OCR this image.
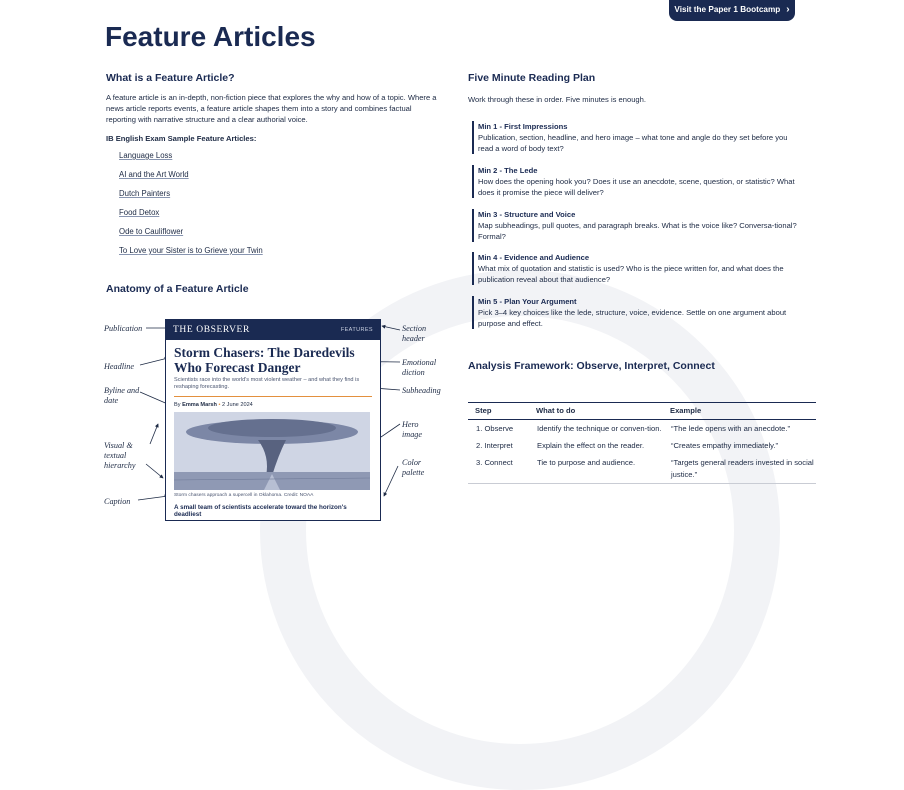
Visit the Paper 1 Bootcamp ›
Feature Articles
What is a Feature Article?
A feature article is an in-depth, non-fiction piece that explores the why and how of a topic. Where a news article reports events, a feature article shapes them into a story and combines factual reporting with narrative structure and a clear authorial voice.
IB English Exam Sample Feature Articles:
Language Loss
AI and the Art World
Dutch Painters
Food Detox
Ode to Cauliflower
To Love your Sister is to Grieve your Twin
Anatomy of a Feature Article
Publication
Headline
Byline and date
Visual & textual hierarchy
Caption
Section header
Emotional diction
Subheading
Hero image
Color palette
THE OBSERVER	FEATURES
Storm Chasers: The Daredevils Who Forecast Danger
Scientists race into the world's most violent weather – and what they find is reshaping forecasting.
By Emma Marsh • 2 June 2024
Storm chasers approach a supercell in Oklahoma. Credit: NOAA
A small team of scientists accelerate toward the horizon's deadliest
Five Minute Reading Plan
Work through these in order. Five minutes is enough.
Min 1 - First Impressions
Publication, section, headline, and hero image – what tone and angle do they set before you read a word of body text?
Min 2 - The Lede
How does the opening hook you? Does it use an anecdote, scene, question, or statistic? What does it promise the piece will deliver?
Min 3 - Structure and Voice
Map subheadings, pull quotes, and paragraph breaks. What is the voice like? Conversa-tional? Formal?
Min 4 - Evidence and Audience
What mix of quotation and statistic is used? Who is the piece written for, and what does the publication reveal about that audience?
Min 5 - Plan Your Argument
Pick 3–4 key choices like the lede, structure, voice, evidence. Settle on one argument about purpose and effect.
Analysis Framework: Observe, Interpret, Connect
Step	What to do	Example
1. Observe	Identify the technique or conven-tion.	“The lede opens with an anecdote.”
2. Interpret	Explain the effect on the reader.	“Creates empathy immediately.”
3. Connect	Tie to purpose and audience.	“Targets general readers invested in social justice.”
